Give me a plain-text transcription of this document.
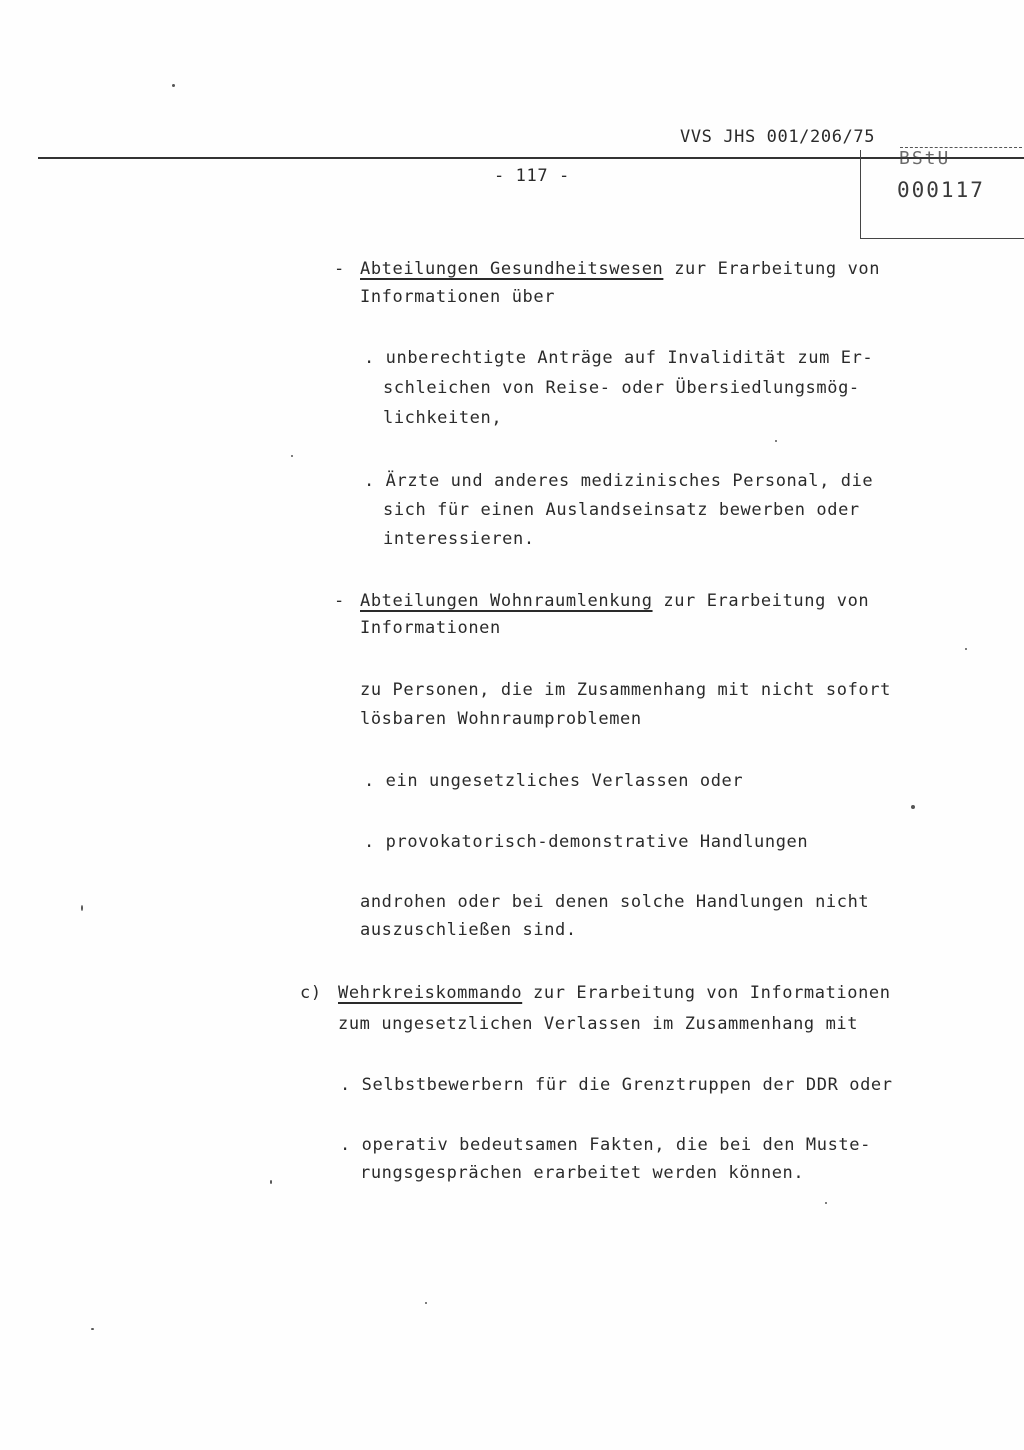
VVS JHS 001/206/75
- 117 -
BStU
000117
- Abteilungen Gesundheitswesen zur Erarbeitung von
Informationen über
. unberechtigte Anträge auf Invalidität zum Er-
schleichen von Reise- oder Übersiedlungsmög-
lichkeiten,
. Ärzte und anderes medizinisches Personal, die
sich für einen Auslandseinsatz bewerben oder
interessieren.
- Abteilungen Wohnraumlenkung zur Erarbeitung von
Informationen
zu Personen, die im Zusammenhang mit nicht sofort
lösbaren Wohnraumproblemen
. ein ungesetzliches Verlassen oder
. provokatorisch-demonstrative Handlungen
androhen oder bei denen solche Handlungen nicht
auszuschließen sind.
c) Wehrkreiskommando zur Erarbeitung von Informationen
zum ungesetzlichen Verlassen im Zusammenhang mit
. Selbstbewerbern für die Grenztruppen der DDR oder
. operativ bedeutsamen Fakten, die bei den Muste-
rungsgesprächen erarbeitet werden können.
